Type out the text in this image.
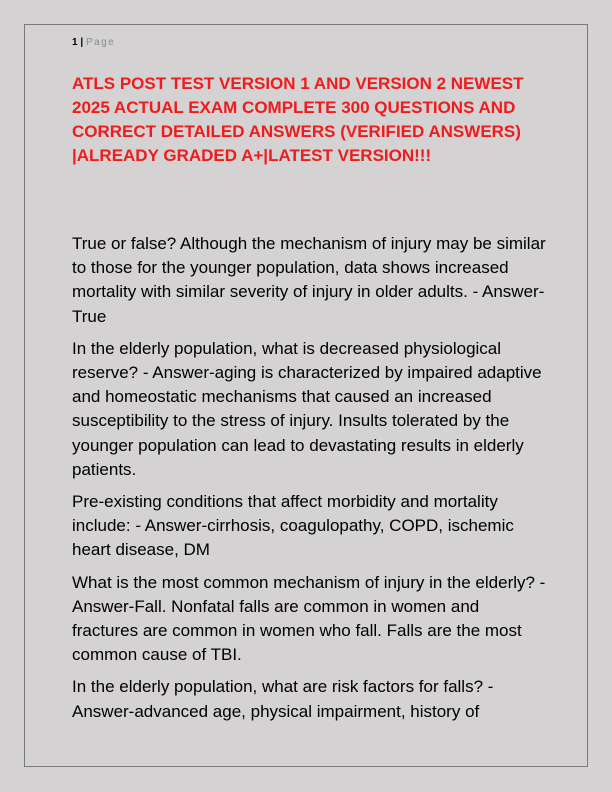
1 | Page
ATLS POST TEST VERSION 1 AND VERSION 2 NEWEST 2025 ACTUAL EXAM COMPLETE 300 QUESTIONS AND CORRECT DETAILED ANSWERS (VERIFIED ANSWERS) |ALREADY GRADED A+|LATEST VERSION!!!

True or false? Although the mechanism of injury may be similar to those for the younger population, data shows increased mortality with similar severity of injury in older adults. - Answer-True

In the elderly population, what is decreased physiological reserve? - Answer-aging is characterized by impaired adaptive and homeostatic mechanisms that caused an increased susceptibility to the stress of injury. Insults tolerated by the younger population can lead to devastating results in elderly patients.

Pre-existing conditions that affect morbidity and mortality include: - Answer-cirrhosis, coagulopathy, COPD, ischemic heart disease, DM

What is the most common mechanism of injury in the elderly? - Answer-Fall. Nonfatal falls are common in women and fractures are common in women who fall. Falls are the most common cause of TBI.

In the elderly population, what are risk factors for falls? - Answer-advanced age, physical impairment, history of
